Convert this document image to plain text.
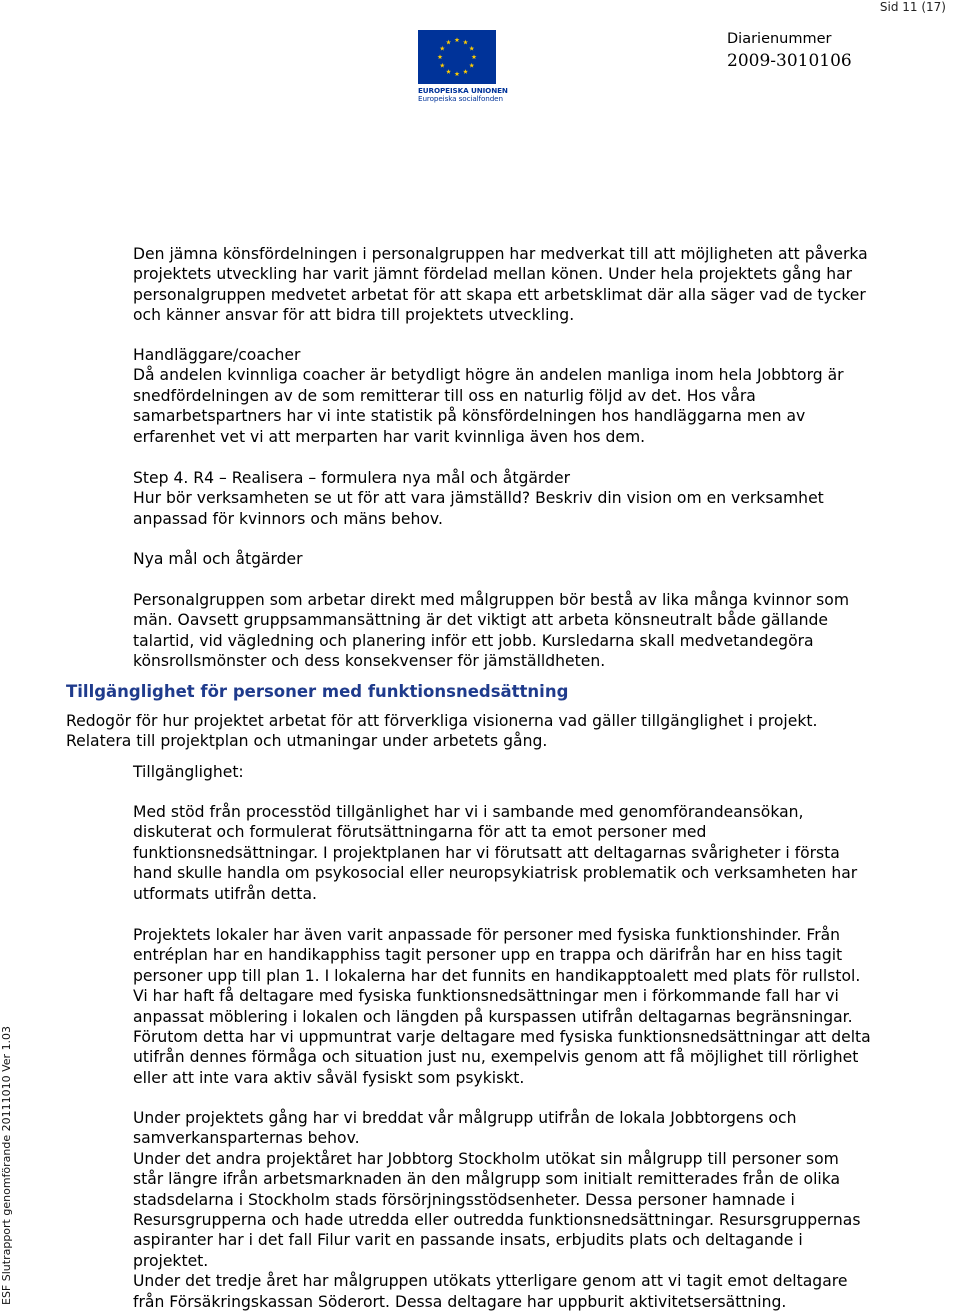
Sid 11 (17)
EUROPEISKA UNIONEN
Europeiska socialfonden
Diarienummer
2009-3010106
ESF Slutrapport genomförande 20111010 Ver 1.03

Den jämna könsfördelningen i personalgruppen har medverkat till att möjligheten att påverka

projektets utveckling har varit jämnt fördelad mellan könen. Under hela projektets gång har

personalgruppen medvetet arbetat för att skapa ett arbetsklimat där alla säger vad de tycker

och känner ansvar för att bidra till projektets utveckling.

Handläggare/coacher

Då andelen kvinnliga coacher är betydligt högre än andelen manliga inom hela Jobbtorg är

snedfördelningen av de som remitterar till oss en naturlig följd av det. Hos våra

samarbetspartners har vi inte statistik på könsfördelningen hos handläggarna men av

erfarenhet vet vi att merparten har varit kvinnliga även hos dem.

Step 4. R4 – Realisera – formulera nya mål och åtgärder

Hur bör verksamheten se ut för att vara jämställd? Beskriv din vision om en verksamhet

anpassad för kvinnors och mäns behov.

Nya mål och åtgärder

Personalgruppen som arbetar direkt med målgruppen bör bestå av lika många kvinnor som

män. Oavsett gruppsammansättning är det viktigt att arbeta könsneutralt både gällande

talartid, vid vägledning och planering inför ett jobb. Kursledarna skall medvetandegöra

könsrollsmönster och dess konsekvenser för jämställdheten.

Tillgänglighet för personer med funktionsnedsättning

Redogör för hur projektet arbetat för att förverkliga visionerna vad gäller tillgänglighet i projekt.

Relatera till projektplan och utmaningar under arbetets gång.

Tillgänglighet:

Med stöd från processtöd tillgänlighet har vi i sambande med genomförandeansökan,

diskuterat och formulerat förutsättningarna för att ta emot personer med

funktionsnedsättningar. I projektplanen har vi förutsatt att deltagarnas svårigheter i första

hand skulle handla om psykosocial eller neuropsykiatrisk problematik och verksamheten har

utformats utifrån detta.

Projektets lokaler har även varit anpassade för personer med fysiska funktionshinder. Från

entréplan har en handikapphiss tagit personer upp en trappa och därifrån har en hiss tagit

personer upp till plan 1. I lokalerna har det funnits en handikapptoalett med plats för rullstol.

Vi har haft få deltagare med fysiska funktionsnedsättningar men i förkommande fall har vi

anpassat möblering i lokalen och längden på kurspassen utifrån deltagarnas begränsningar.

Förutom detta har vi uppmuntrat varje deltagare med fysiska funktionsnedsättningar att delta

utifrån dennes förmåga och situation just nu, exempelvis genom att få möjlighet till rörlighet

eller att inte vara aktiv såväl fysiskt som psykiskt.

Under projektets gång har vi breddat vår målgrupp utifrån de lokala Jobbtorgens och

samverkansparternas behov.

Under det andra projektåret har Jobbtorg Stockholm utökat sin målgrupp till personer som

står längre ifrån arbetsmarknaden än den målgrupp som initialt remitterades från de olika

stadsdelarna i Stockholm stads försörjningsstödsenheter. Dessa personer hamnade i

Resursgrupperna och hade utredda eller outredda funktionsnedsättningar. Resursgruppernas

aspiranter har i det fall Filur varit en passande insats, erbjudits plats och deltagande i

projektet.

Under det tredje året har målgruppen utökats ytterligare genom att vi tagit emot deltagare

från Försäkringskassan Söderort. Dessa deltagare har uppburit aktivitetsersättning.
